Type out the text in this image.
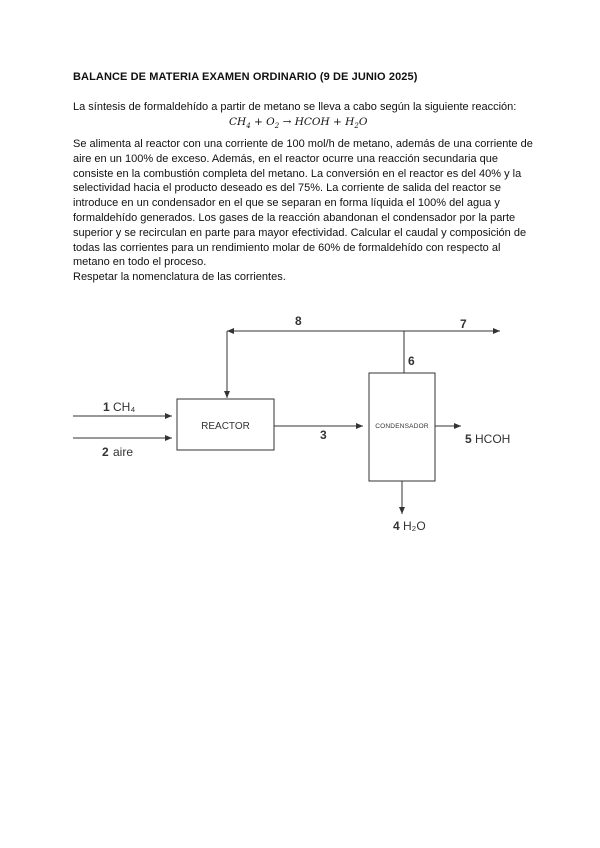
BALANCE DE MATERIA EXAMEN ORDINARIO (9 DE JUNIO 2025)
La síntesis de formaldehído a partir de metano se lleva a cabo según la siguiente reacción:
$CH_4 + O_2$ → HCOH + $H_2O$

Se alimenta al reactor con una corriente de 100 mol/h de metano, además de una corriente de aire en un 100% de exceso. Además, en el reactor ocurre una reacción secundaria que consiste en la combustión completa del metano. La conversión en el reactor es del 40% y la selectividad hacia el producto deseado es del 75%. La corriente de salida del reactor se introduce en un condensador en el que se separan en forma líquida el 100% del agua y formaldehído generados. Los gases de la reacción abandonan el condensador por la parte superior y se recirculan en parte para mayor efectividad. Calcular el caudal y composición de todas las corrientes para un rendimiento molar de 60% de formaldehído con respecto al metano en todo el proceso.

Respetar la nomenclatura de las corrientes.

REACTOR	CONDENSADOR
8	7
6
1 CH₄
2 aire
3	5 HCOH
4 H₂O
